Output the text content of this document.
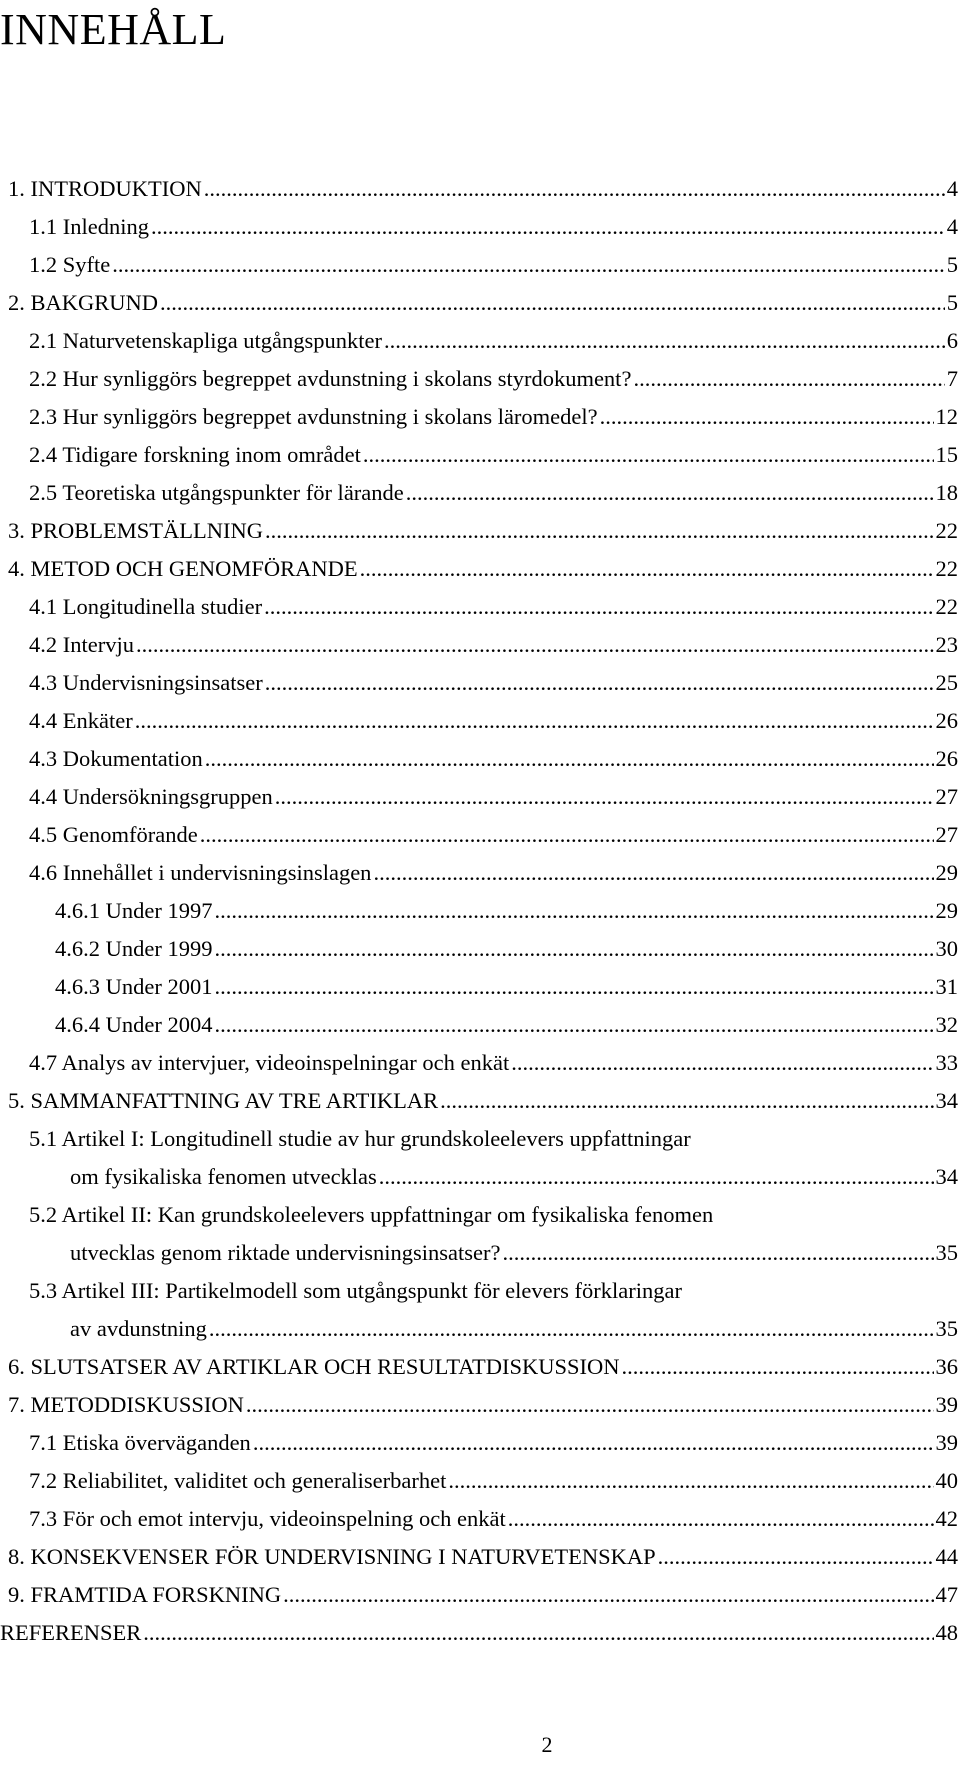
INNEHÅLL
1. INTRODUKTION .....	4
1.1 Inledning .....	4
1.2 Syfte .....	5
2. BAKGRUND .....	5
2.1 Naturvetenskapliga utgångspunkter .....	6
2.2 Hur synliggörs begreppet avdunstning i skolans styrdokument? .....	7
2.3 Hur synliggörs begreppet avdunstning i skolans läromedel? .....	12
2.4 Tidigare forskning inom området .....	15
2.5 Teoretiska utgångspunkter för lärande .....	18
3. PROBLEMSTÄLLNING .....	22
4. METOD OCH GENOMFÖRANDE .....	22
4.1 Longitudinella studier .....	22
4.2 Intervju .....	23
4.3 Undervisningsinsatser .....	25
4.4 Enkäter .....	26
4.3 Dokumentation .....	26
4.4 Undersökningsgruppen .....	27
4.5 Genomförande .....	27
4.6 Innehållet i undervisningsinslagen .....	29
4.6.1 Under 1997 .....	29
4.6.2 Under 1999 .....	30
4.6.3 Under 2001 .....	31
4.6.4 Under 2004 .....	32
4.7 Analys av intervjuer, videoinspelningar och enkät .....	33
5. SAMMANFATTNING AV TRE ARTIKLAR .....	34
5.1 Artikel I: Longitudinell studie av hur grundskoleelevers uppfattningar
om fysikaliska fenomen utvecklas .....	34
5.2 Artikel II: Kan grundskoleelevers uppfattningar om fysikaliska fenomen
utvecklas genom riktade undervisningsinsatser? .....	35
5.3 Artikel III: Partikelmodell som utgångspunkt för elevers förklaringar
av avdunstning .....	35
6. SLUTSATSER AV ARTIKLAR OCH RESULTATDISKUSSION .....	36
7. METODDISKUSSION .....	39
7.1 Etiska överväganden .....	39
7.2 Reliabilitet, validitet och generaliserbarhet .....	40
7.3 För och emot intervju, videoinspelning och enkät .....	42
8. KONSEKVENSER FÖR UNDERVISNING I NATURVETENSKAP .....	44
9. FRAMTIDA FORSKNING .....	47
REFERENSER .....	48

2
